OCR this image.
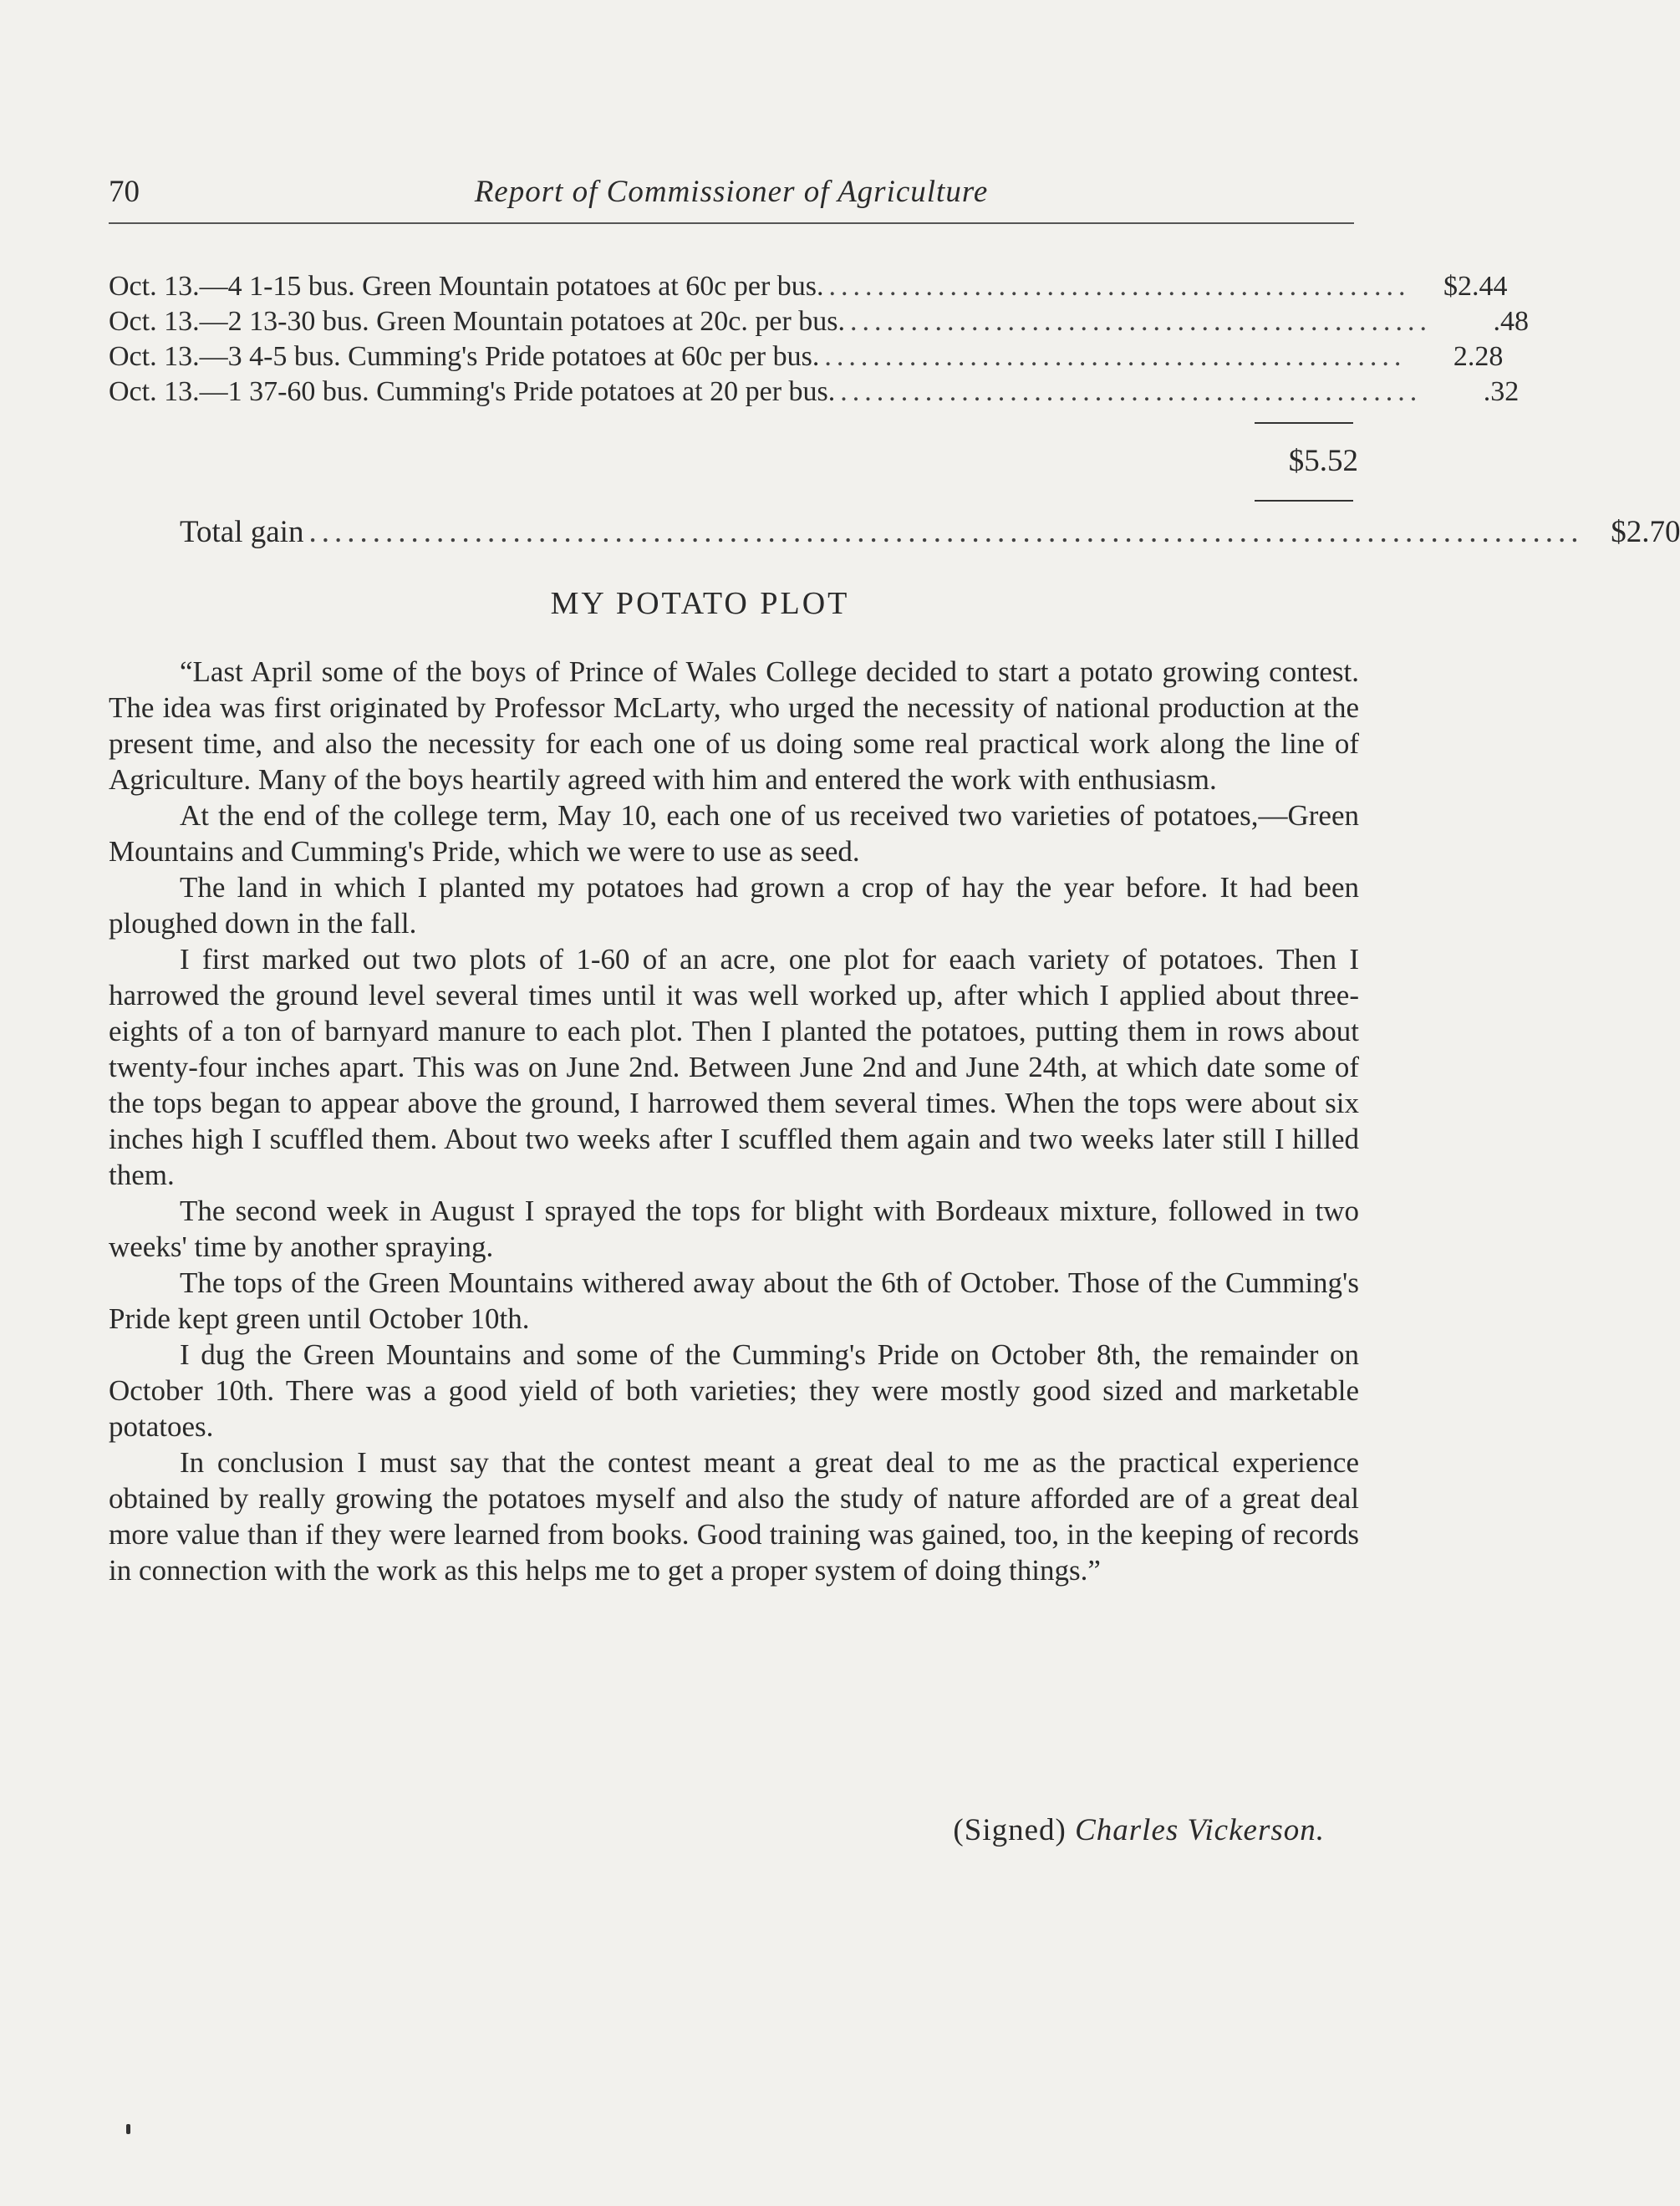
70	Report of Commissioner of Agriculture
Oct. 13.—4 1-15 bus. Green Mountain potatoes at 60c per bus. ................................................	$2.44
Oct. 13.—2 13-30 bus. Green Mountain potatoes at 20c. per bus. ................................................	.48
Oct. 13.—3 4-5 bus. Cumming's Pride potatoes at 60c per bus. ................................................	2.28
Oct. 13.—1 37-60 bus. Cumming's Pride potatoes at 20 per bus. ................................................	.32
$5.52
Total gain .................................................................................................... $2.70
MY POTATO PLOT

“Last April some of the boys of Prince of Wales College decided to start a potato growing contest. The idea was first originated by Professor McLarty, who urged the necessity of national production at the present time, and also the necessity for each one of us doing some real practical work along the line of Agriculture. Many of the boys heartily agreed with him and entered the work with enthusiasm.

At the end of the college term, May 10, each one of us received two varieties of potatoes,—Green Mountains and Cumming's Pride, which we were to use as seed.

The land in which I planted my potatoes had grown a crop of hay the year before. It had been ploughed down in the fall.

I first marked out two plots of 1-60 of an acre, one plot for eaach variety of potatoes. Then I harrowed the ground level several times until it was well worked up, after which I applied about three-eights of a ton of barnyard manure to each plot. Then I planted the potatoes, putting them in rows about twenty-four inches apart. This was on June 2nd. Between June 2nd and June 24th, at which date some of the tops began to appear above the ground, I harrowed them several times. When the tops were about six inches high I scuffled them. About two weeks after I scuffled them again and two weeks later still I hilled them.

The second week in August I sprayed the tops for blight with Bordeaux mixture, followed in two weeks' time by another spraying.

The tops of the Green Mountains withered away about the 6th of October. Those of the Cumming's Pride kept green until October 10th.

I dug the Green Mountains and some of the Cumming's Pride on October 8th, the remainder on October 10th. There was a good yield of both varieties; they were mostly good sized and marketable potatoes.

In conclusion I must say that the contest meant a great deal to me as the practical experience obtained by really growing the potatoes myself and also the study of nature afforded are of a great deal more value than if they were learned from books. Good training was gained, too, in the keeping of records in connection with the work as this helps me to get a proper system of doing things.”

(Signed) Charles Vickerson.
